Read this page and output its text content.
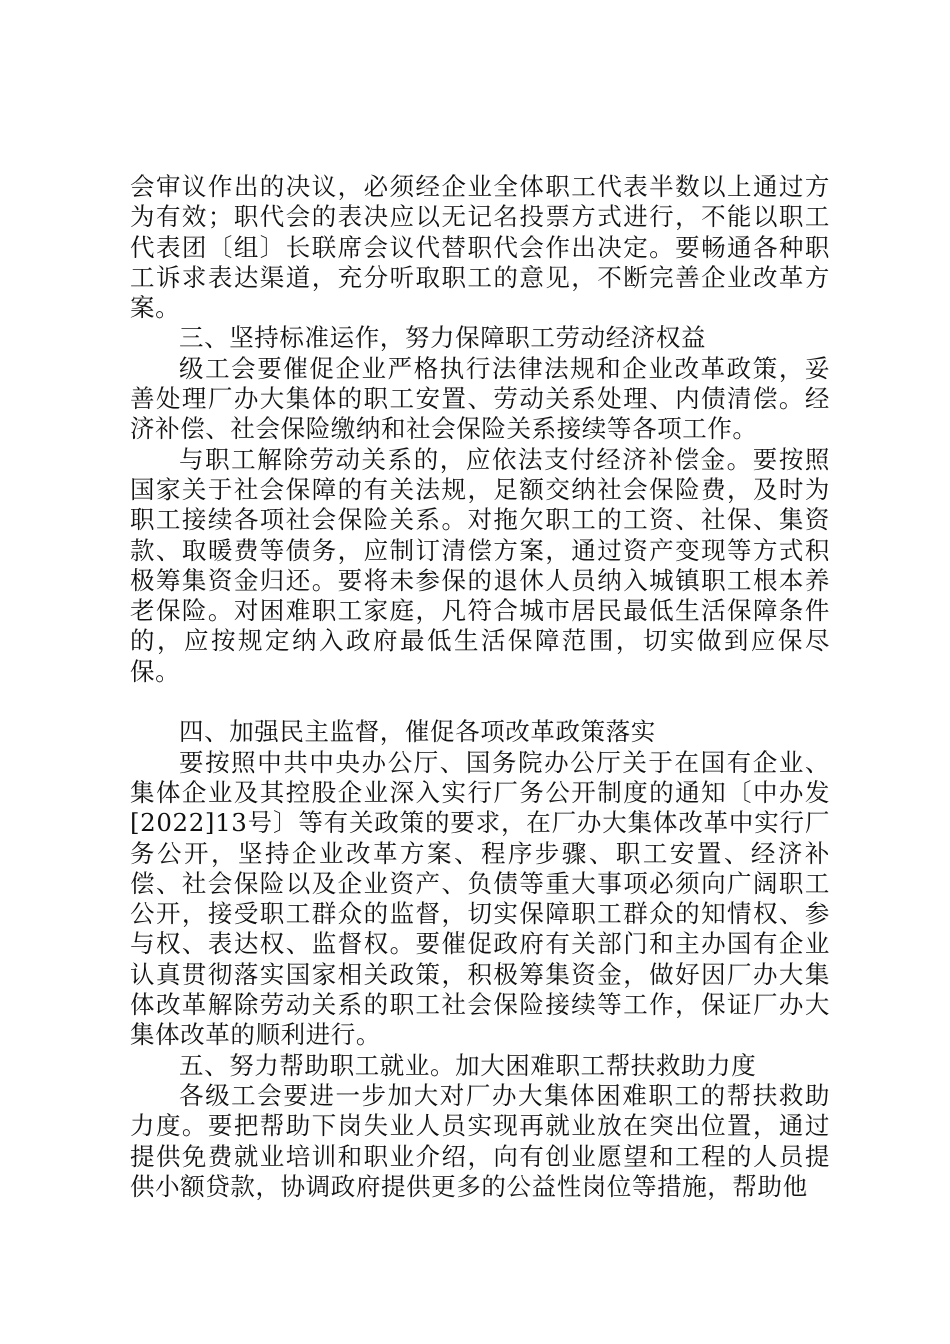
会审议作出的决议，必须经企业全体职工代表半数以上通过方为有效；职代会的表决应以无记名投票方式进行，不能以职工代表团〔组〕长联席会议代替职代会作出决定。要畅通各种职工诉求表达渠道，充分听取职工的意见，不断完善企业改革方案。

三、坚持标准运作，努力保障职工劳动经济权益

级工会要催促企业严格执行法律法规和企业改革政策，妥善处理厂办大集体的职工安置、劳动关系处理、内债清偿。经济补偿、社会保险缴纳和社会保险关系接续等各项工作。

与职工解除劳动关系的，应依法支付经济补偿金。要按照国家关于社会保障的有关法规，足额交纳社会保险费，及时为职工接续各项社会保险关系。对拖欠职工的工资、社保、集资款、取暖费等债务，应制订清偿方案，通过资产变现等方式积极筹集资金归还。要将未参保的退休人员纳入城镇职工根本养老保险。对困难职工家庭，凡符合城市居民最低生活保障条件的，应按规定纳入政府最低生活保障范围，切实做到应保尽保。

四、加强民主监督，催促各项改革政策落实

要按照中共中央办公厅、国务院办公厅关于在国有企业、集体企业及其控股企业深入实行厂务公开制度的通知〔中办发[2022]13号〕等有关政策的要求，在厂办大集体改革中实行厂务公开，坚持企业改革方案、程序步骤、职工安置、经济补偿、社会保险以及企业资产、负债等重大事项必须向广阔职工公开，接受职工群众的监督，切实保障职工群众的知情权、参与权、表达权、监督权。要催促政府有关部门和主办国有企业认真贯彻落实国家相关政策，积极筹集资金，做好因厂办大集体改革解除劳动关系的职工社会保险接续等工作，保证厂办大集体改革的顺利进行。

五、努力帮助职工就业。加大困难职工帮扶救助力度

各级工会要进一步加大对厂办大集体困难职工的帮扶救助力度。要把帮助下岗失业人员实现再就业放在突出位置，通过提供免费就业培训和职业介绍，向有创业愿望和工程的人员提供小额贷款，协调政府提供更多的公益性岗位等措施，帮助他
